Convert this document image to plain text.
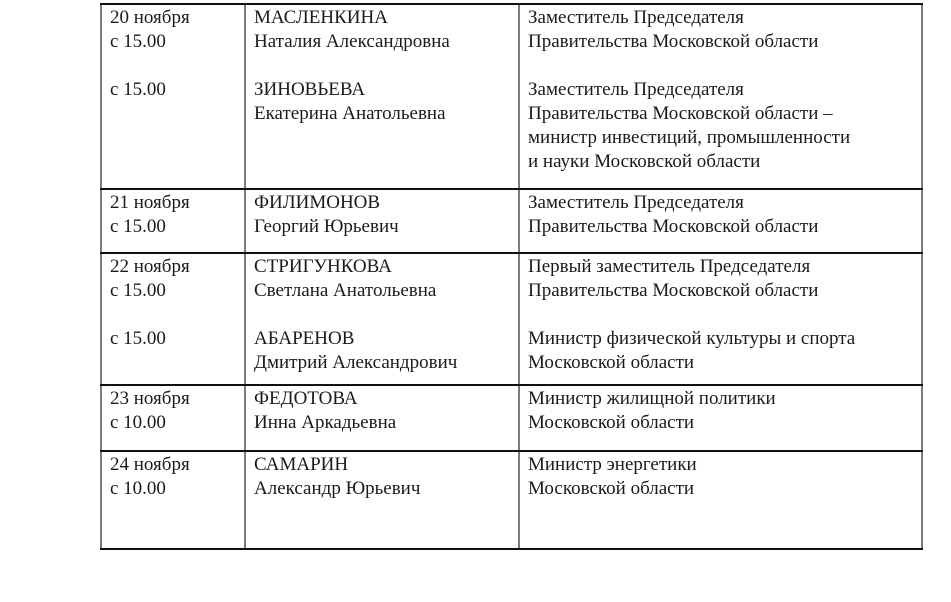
20 ноября
с 15.00
с 15.00
МАСЛЕНКИНА
Наталия Александровна
ЗИНОВЬЕВА
Екатерина Анатольевна
Заместитель Председателя
Правительства Московской области
Заместитель Председателя
Правительства Московской области –
министр инвестиций, промышленности
и науки Московской области
21 ноября
с 15.00
ФИЛИМОНОВ
Георгий Юрьевич
Заместитель Председателя
Правительства Московской области
22 ноября
с 15.00
с 15.00
СТРИГУНКОВА
Светлана Анатольевна
АБАРЕНОВ
Дмитрий Александрович
Первый заместитель Председателя
Правительства Московской области
Министр физической культуры и спорта
Московской области
23 ноября
с 10.00
ФЕДОТОВА
Инна Аркадьевна
Министр жилищной политики
Московской области
24 ноября
с 10.00
САМАРИН
Александр Юрьевич
Министр энергетики
Московской области
